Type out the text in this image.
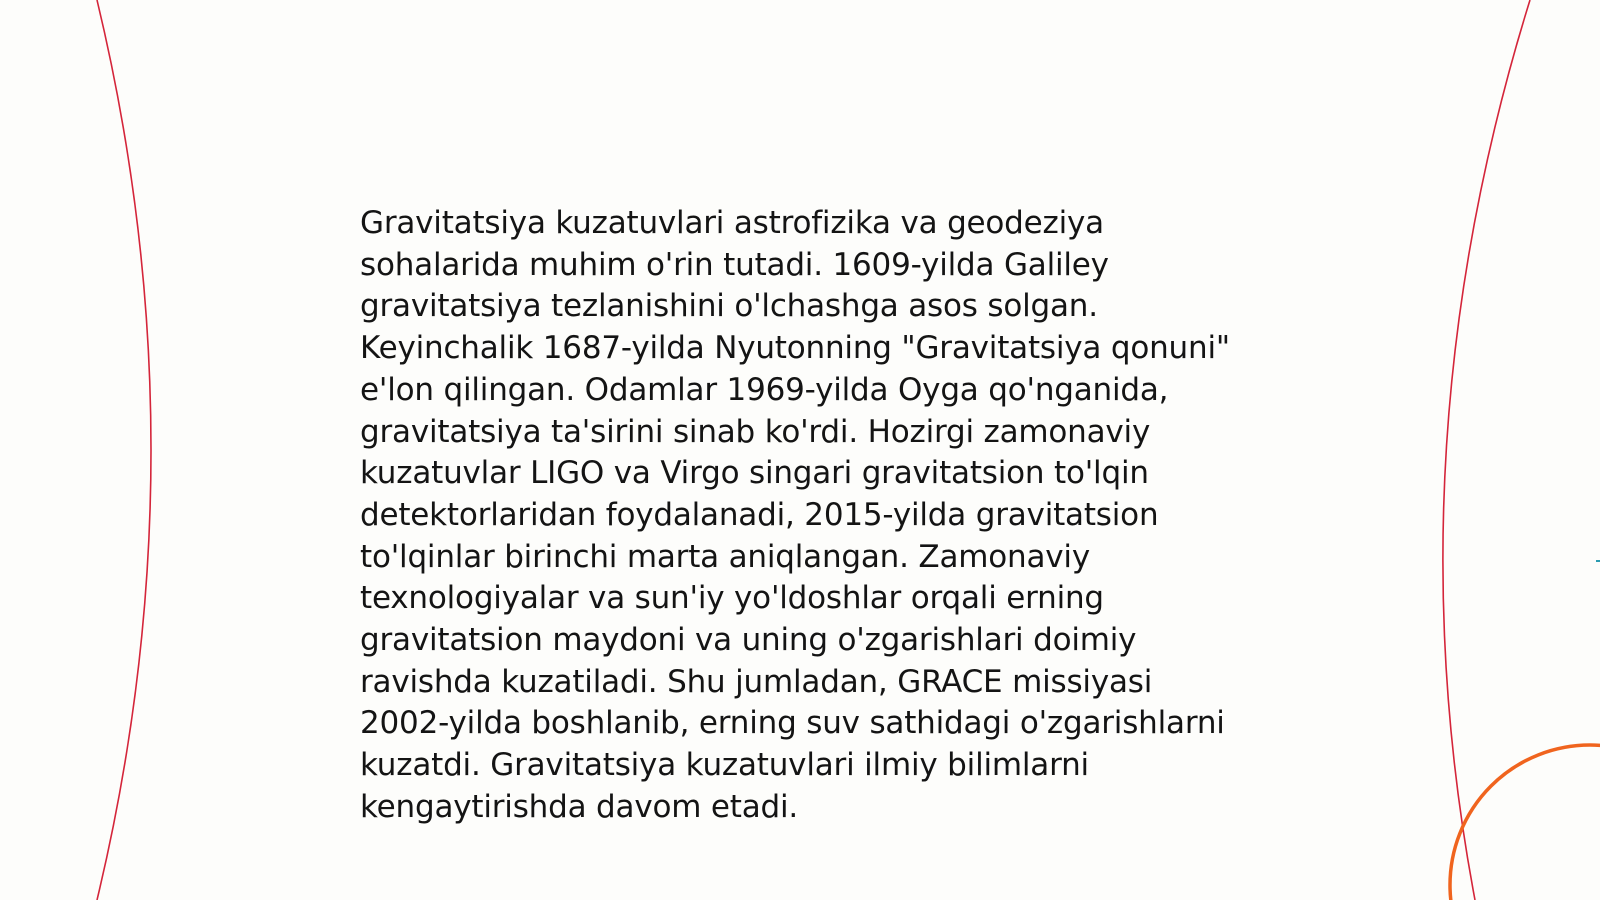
Gravitatsiya kuzatuvlari astrofizika va geodeziya sohalarida muhim o'rin tutadi. 1609-yilda Galiley gravitatsiya tezlanishini o'lchashga asos solgan. Keyinchalik 1687-yilda Nyutonning "Gravitatsiya qonuni" e'lon qilingan. Odamlar 1969-yilda Oyga qo'nganida, gravitatsiya ta'sirini sinab ko'rdi. Hozirgi zamonaviy kuzatuvlar LIGO va Virgo singari gravitatsion to'lqin detektorlaridan foydalanadi, 2015-yilda gravitatsion to'lqinlar birinchi marta aniqlangan. Zamonaviy texnologiyalar va sun'iy yo'ldoshlar orqali erning gravitatsion maydoni va uning o'zgarishlari doimiy ravishda kuzatiladi. Shu jumladan, GRACE missiyasi 2002-yilda boshlanib, erning suv sathidagi o'zgarishlarni kuzatdi. Gravitatsiya kuzatuvlari ilmiy bilimlarni kengaytirishda davom etadi.
